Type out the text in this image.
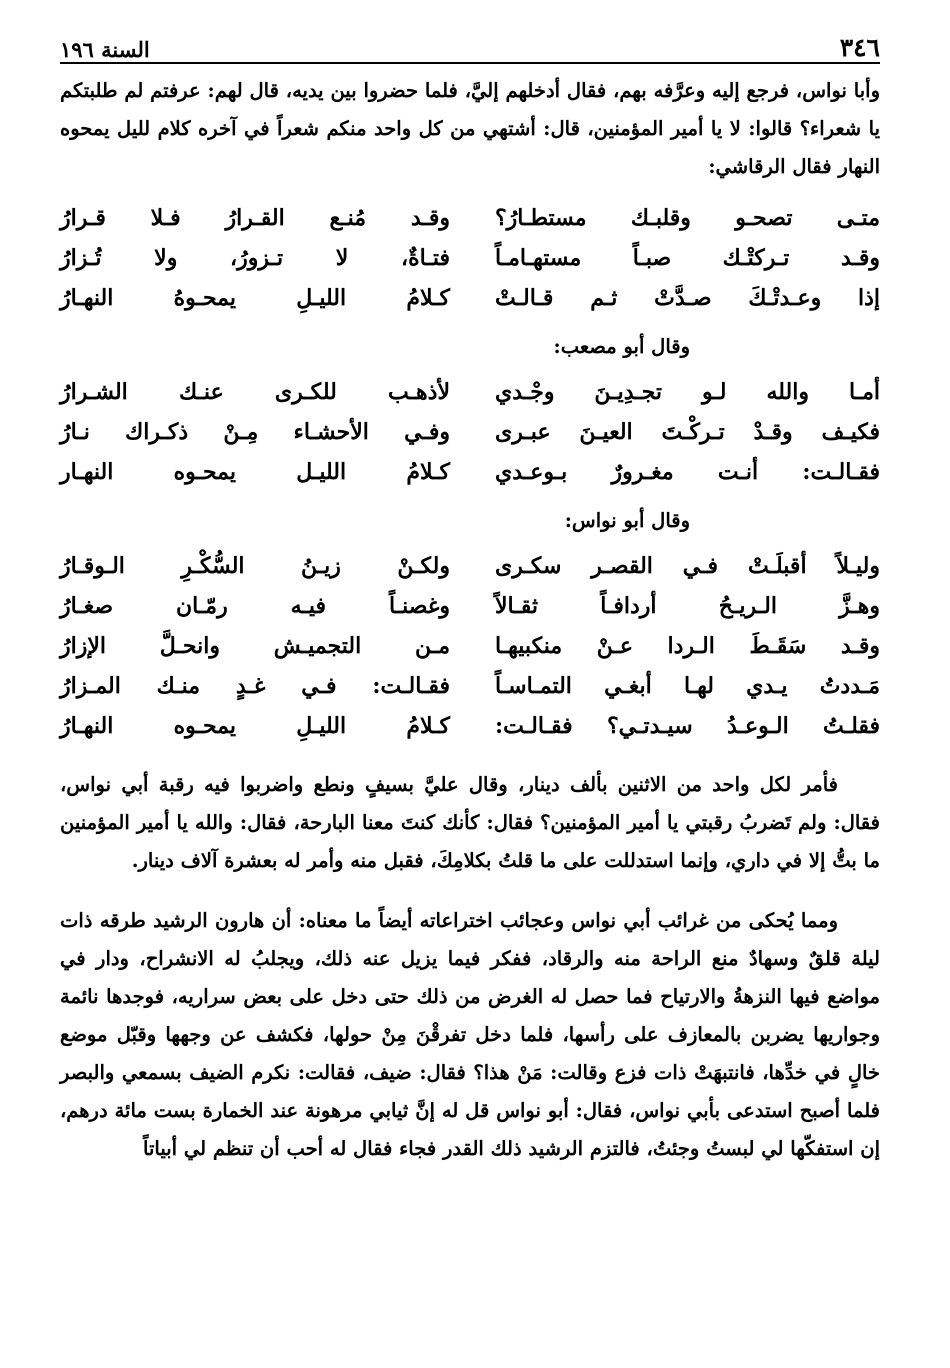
٣٤٦
السنة ١٩٦

وأبا نواس، فرجع إليه وعرَّفه بهم، فقال أدخلهم إليَّ، فلما حضروا بين يديه، قال لهم: عرفتم لم طلبتكم يا شعراء؟ قالوا: لا يا أمير المؤمنين، قال: أشتهي من كل واحد منكم شعراً في آخره كلام لليل يمحوه النهار فقال الرقاشي:

متـى تصحـو وقلبـك مستطـارُ؟
وقـد مُنـع القـرارُ فـلا قـرارُ
وقـد تـركتْـك صبـاً مستهـامـاً
فتـاةٌ، لا تـزورُ، ولا تُـزارُ
إذا وعـدتْـكَ صـدَّتْ ثـم قـالـتْ
كـلامُ الليـلِ يمحـوهُ النهـارُ
وقال أبو مصعب:
أمـا والله لـو تجـدِيـنَ وجْـدي
لأذهـب للكـرى عنـك الشـرارُ
فكيـف وقـدْ تـركْـتَ العيـنَ عبـرى
وفـي الأحشـاء مِـنْ ذكـراك نـارُ
فقـالـت: أنـت مغـرورٌ بـوعـدي
كـلامُ الليـل يمحـوه النهـار
وقال أبو نواس:
وليـلاً أقبلَـتْ فـي القصـر سكـرى
ولكـنْ زيـنُ السُّكْـرِ الـوقـارُ
وهـزَّ الـريـحُ أردافـاً ثقـالاً
وغصنـاً فيـه رمّـان صغـارُ
وقـد سَقَـطَ الـردا عـنْ منكبيهـا
مـن التجميـش وانحـلَّ الإزارُ
مَـددتُ يـدي لهـا أبغـي التمـاسـاً
فقـالـت: فـي غـدٍ منـك المـزارُ
فقلـتُ الـوعـدُ سيـدتـي؟ فقـالـت:
كـلامُ الليـلِ يمحـوه النهـارُ

فأمر لكل واحد من الاثنين بألف دينار، وقال عليَّ بسيفٍ ونطع واضربوا فيه رقبة أبي نواس، فقال: ولم تَضربُ رقبتي يا أمير المؤمنين؟ فقال: كأنك كنتَ معنا البارحة، فقال: والله يا أمير المؤمنين ما بتُّ إلا في داري، وإنما استدللت على ما قلتُ بكلامِكَ، فقبل منه وأمر له بعشرة آلاف دينار.

ومما يُحكى من غرائب أبي نواس وعجائب اختراعاته أيضاً ما معناه: أن هارون الرشيد طرقه ذات ليلة قلقٌ وسهادٌ منع الراحة منه والرقاد، ففكر فيما يزيل عنه ذلك، ويجلبُ له الانشراح، ودار في مواضع فيها النزهةُ والارتياح فما حصل له الغرض من ذلك حتى دخل على بعض سراريه، فوجدها نائمة وجواريها يضربن بالمعازف على رأسها، فلما دخل تفرقْنَ مِنْ حولها، فكشف عن وجهها وقبّل موضع خالٍ في خدِّها، فانتبهَتْ ذات فزع وقالت: مَنْ هذا؟ فقال: ضيف، فقالت: نكرم الضيف بسمعي والبصر فلما أصبح استدعى بأبي نواس، فقال: أبو نواس قل له إنَّ ثيابي مرهونة عند الخمارة بست مائة درهم، إن استفكّها لي لبستُ وجئتُ، فالتزم الرشيد ذلك القدر فجاء فقال له أحب أن تنظم لي أبياتاً
